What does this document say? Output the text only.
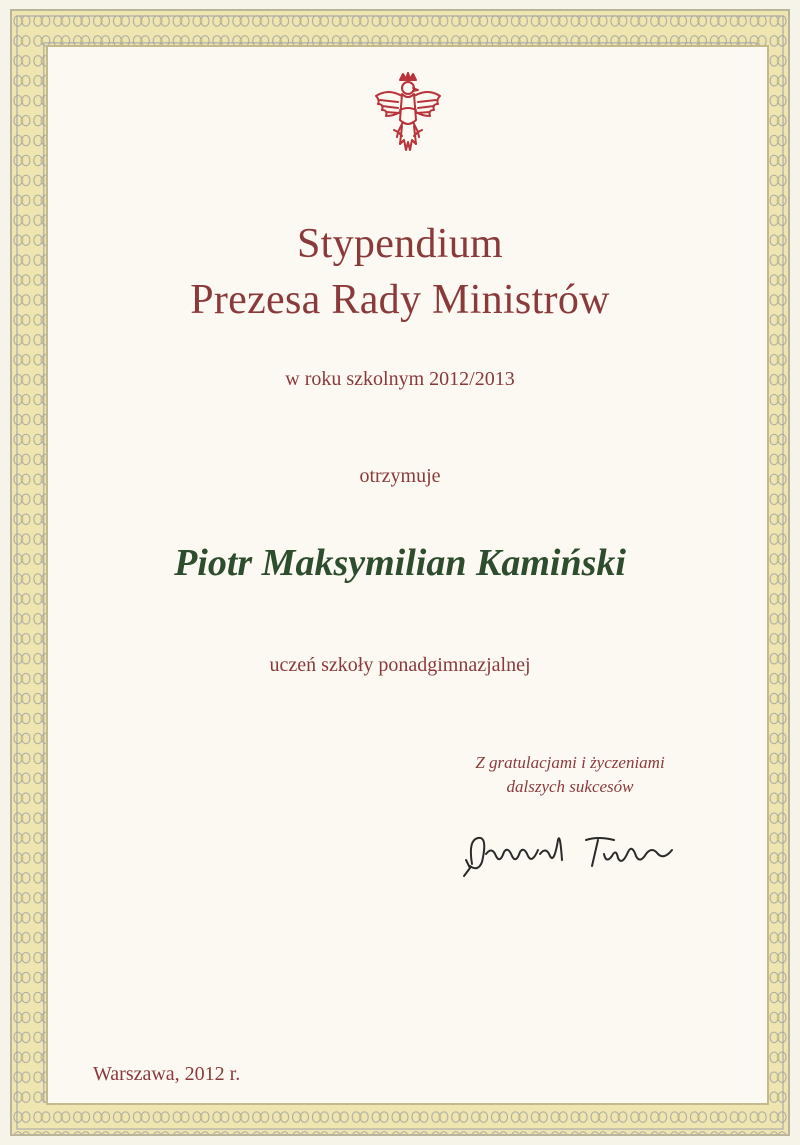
Stypendium
Prezesa Rady Ministrów
w roku szkolnym 2012/2013
otrzymuje
Piotr Maksymilian Kamiński
uczeń szkoły ponadgimnazjalnej
Z gratulacjami i życzeniami
dalszych sukcesów
Warszawa, 2012 r.
